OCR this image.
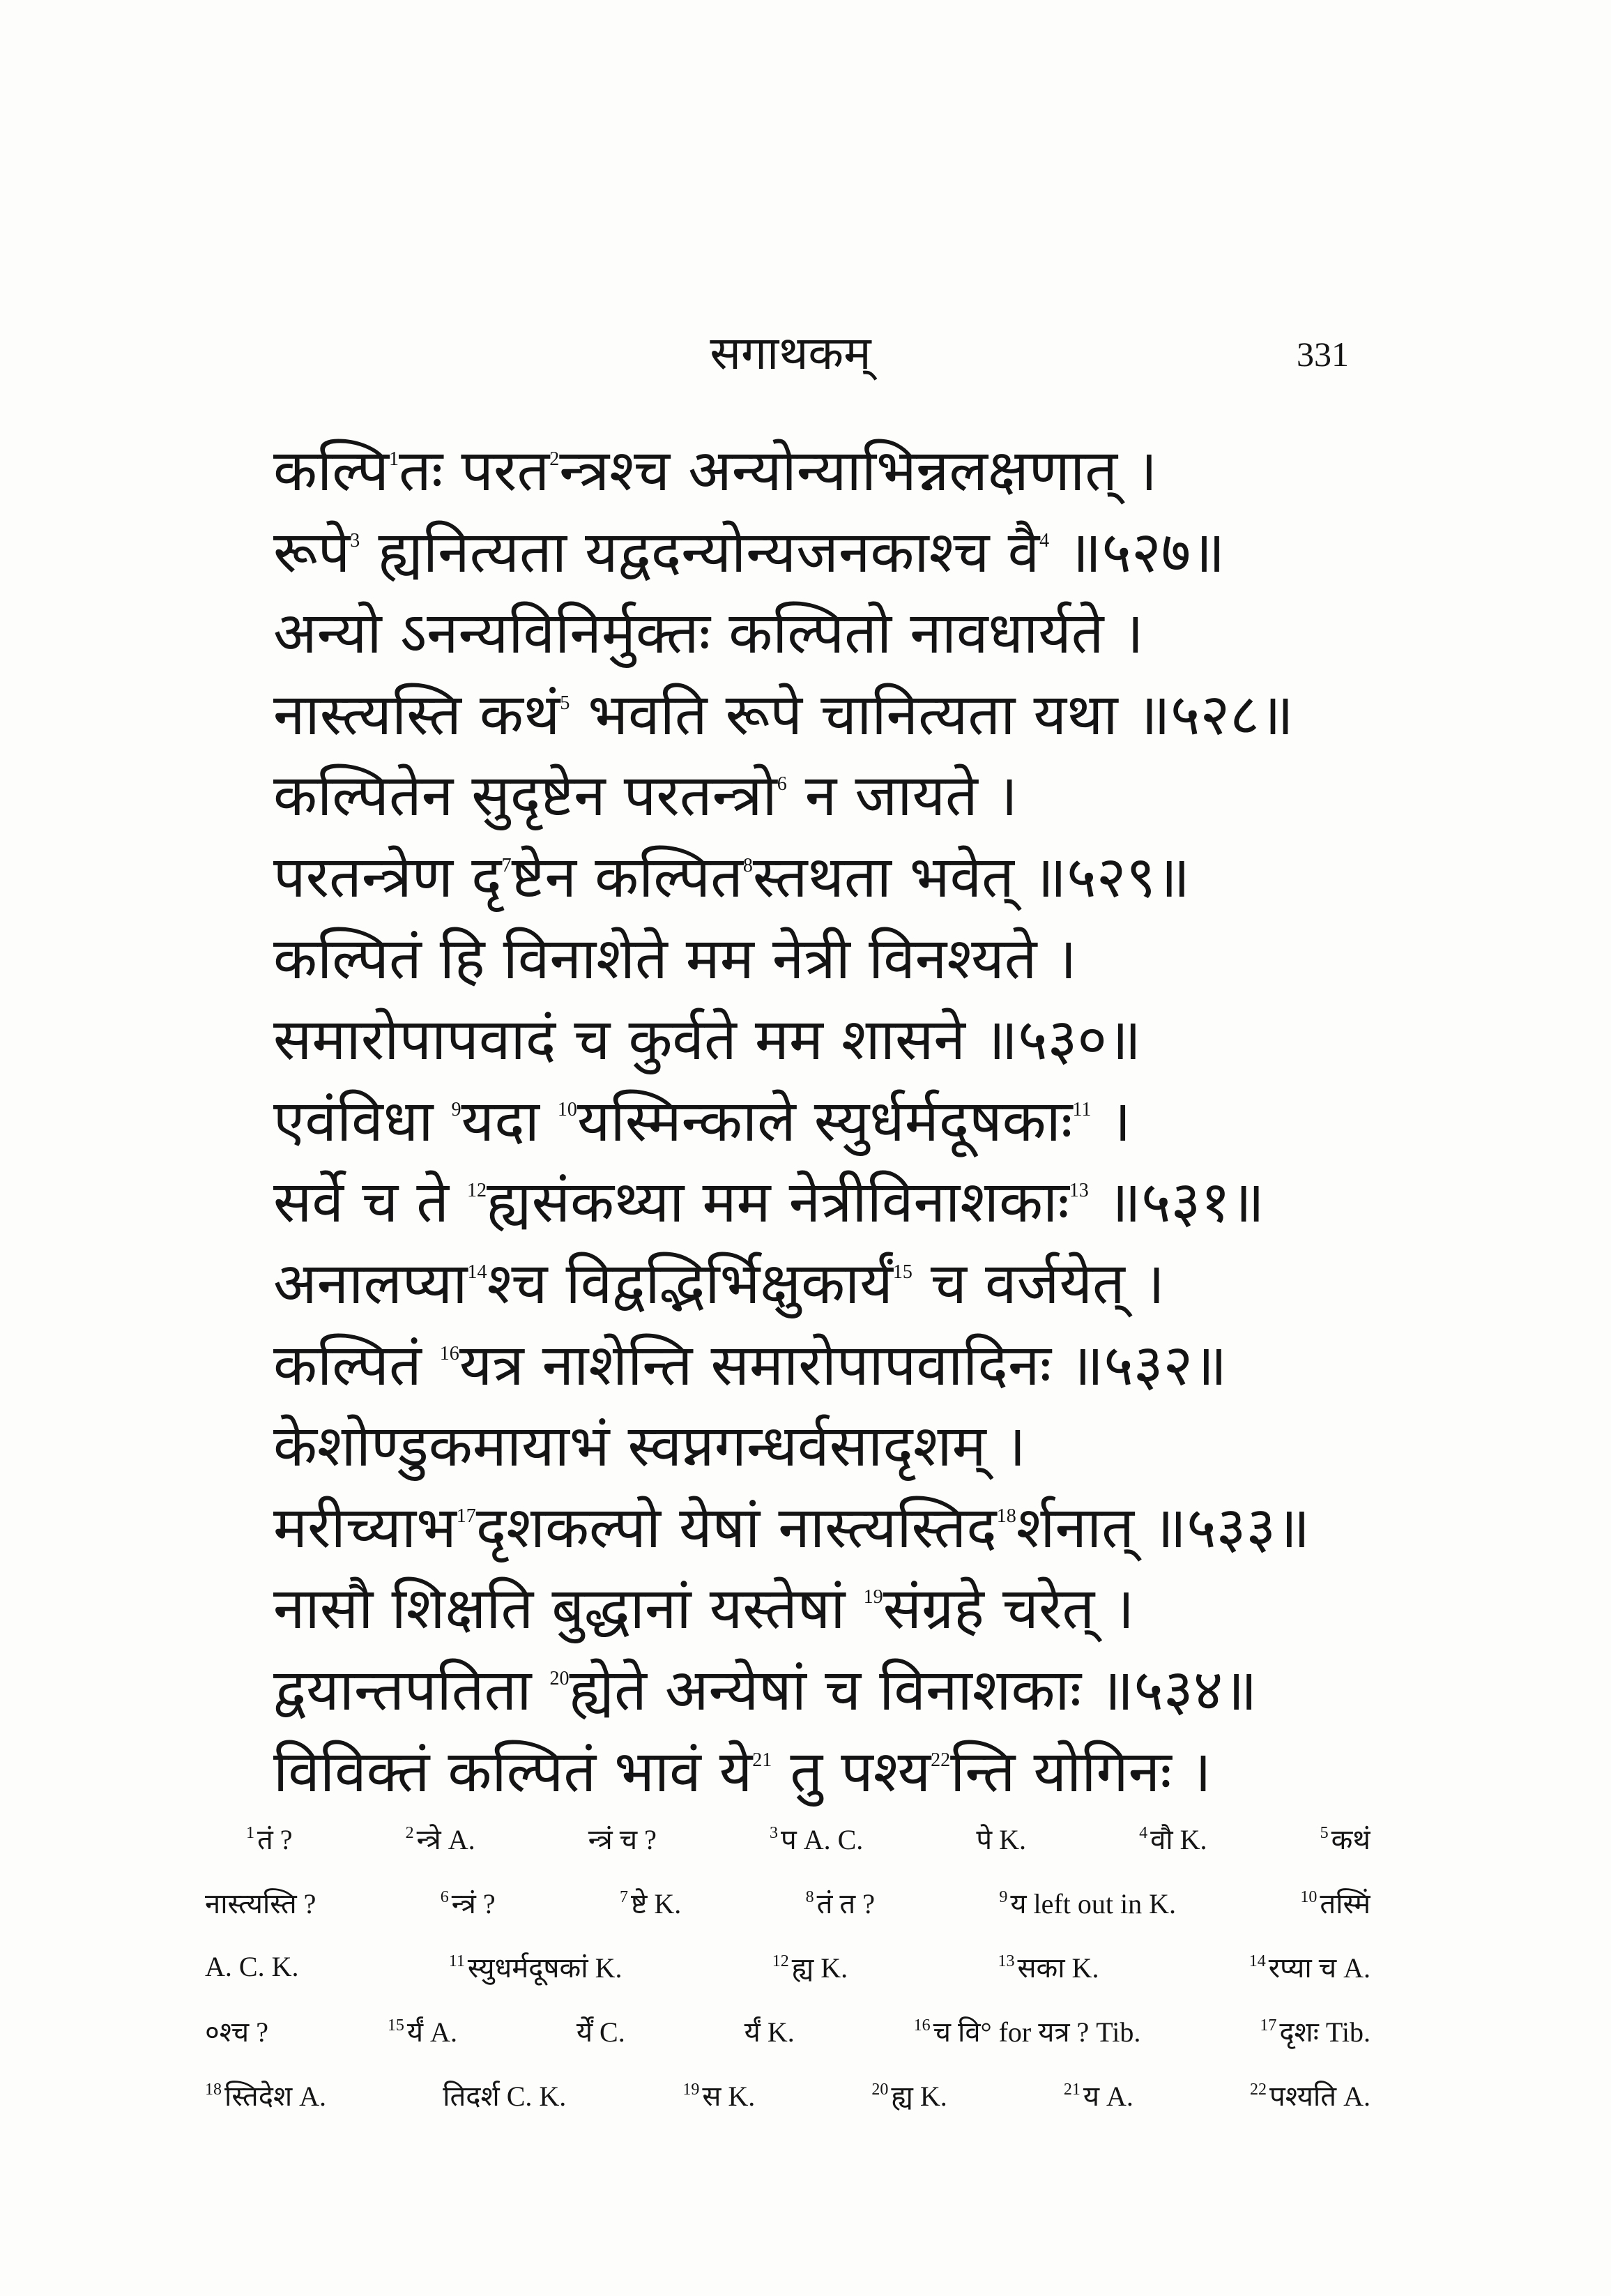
सगाथकम्	331
कल्पि$^1$तः परत$^2$न्त्रश्च अन्योन्याभिन्नलक्षणात् ।
रूपे$^3$ ह्यनित्यता यद्वदन्योन्यजनकाश्च वै$^4$ ॥५२७॥
अन्यो ऽनन्यविनिर्मुक्तः कल्पितो नावधार्यते ।
नास्त्यस्ति कथं$^5$ भवति रूपे चानित्यता यथा ॥५२८॥
कल्पितेन सुदृष्टेन परतन्त्रो$^6$ न जायते ।
परतन्त्रेण दृ$^7$ष्टेन कल्पित$^8$स्तथता भवेत् ॥५२९॥
कल्पितं हि विनाशेते मम नेत्री विनश्यते ।
समारोपापवादं च कुर्वते मम शासने ॥५३०॥
एवंविधा $^9$यदा $^{10}$यस्मिन्काले स्युर्धर्मदूषकाः$^{11}$ ।
सर्वे च ते $^{12}$ह्यसंकथ्या मम नेत्रीविनाशकाः$^{13}$ ॥५३१॥
अनालप्या$^{14}$श्च विद्वद्भिर्भिक्षुकार्यं$^{15}$ च वर्जयेत् ।
कल्पितं $^{16}$यत्र नाशेन्ति समारोपापवादिनः ॥५३२॥
केशोण्डुकमायाभं स्वप्नगन्धर्वसादृशम् ।
मरीच्याभ$^{17}$दृशकल्पो येषां नास्त्यस्तिद$^{18}$र्शनात् ॥५३३॥
नासौ शिक्षति बुद्धानां यस्तेषां $^{19}$संग्रहे चरेत् ।
द्वयान्तपतिता $^{20}$ह्येते अन्येषां च विनाशकाः ॥५३४॥
विविक्तं कल्पितं भावं ये$^{21}$ तु पश्य$^{22}$न्ति योगिनः ।
$^1$ तं ?	$^2$ न्त्रे A.	न्त्रं च ?	$^3$ प A. C.	पे K.	$^4$ वौ K.	$^5$ कथं
नास्त्यस्ति ?	$^6$ न्त्रं ?	$^7$ ष्टे K.	$^8$ तं त ?	$^9$ य left out in K.	$^{10}$ तस्मिं
A. C. K.	$^{11}$ स्युधर्मदूषकां K.	$^{12}$ ह्य K.	$^{13}$ सका K.	$^{14}$ रप्या च A.
०श्च ?	$^{15}$ र्यं A.	र्यें C.	र्यं K.	$^{16}$ च वि° for यत्र ? Tib.	$^{17}$ दृशः Tib.
$^{18}$ स्तिदेश A.	तिदर्श C. K.	$^{19}$ स K.	$^{20}$ ह्य K.	$^{21}$ य A.	$^{22}$ पश्यति A.
